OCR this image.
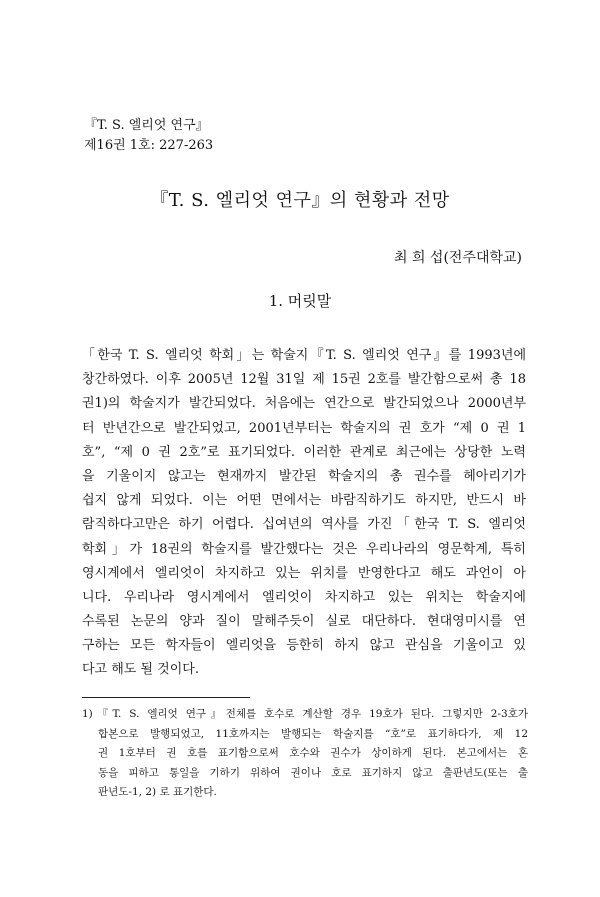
『T. S. 엘리엇 연구』
제16권 1호: 227-263
『T. S. 엘리엇 연구』의 현황과 전망
최 희 섭(전주대학교)
1. 머릿말
「한국 T. S. 엘리엇 학회」는 학술지『T. S. 엘리엇 연구』를 1993년에
창간하였다. 이후 2005년 12월 31일 제 15권 2호를 발간함으로써 총 18
권1)의 학술지가 발간되었다. 처음에는 연간으로 발간되었으나 2000년부
터 반년간으로 발간되었고, 2001년부터는 학술지의 권 호가 “제 0 권 1
호”, “제 0 권 2호”로 표기되었다. 이러한 관계로 최근에는 상당한 노력
을 기울이지 않고는 현재까지 발간된 학술지의 총 권수를 헤아리기가
쉽지 않게 되었다. 이는 어떤 면에서는 바람직하기도 하지만, 반드시 바
람직하다고만은 하기 어렵다. 십여년의 역사를 가진「한국 T. S. 엘리엇
학회」가 18권의 학술지를 발간했다는 것은 우리나라의 영문학계, 특히
영시계에서 엘리엇이 차지하고 있는 위치를 반영한다고 해도 과언이 아
니다. 우리나라 영시계에서 엘리엇이 차지하고 있는 위치는 학술지에
수록된 논문의 양과 질이 말해주듯이 실로 대단하다. 현대영미시를 연
구하는 모든 학자들이 엘리엇을 등한히 하지 않고 관심을 기울이고 있
다고 해도 될 것이다.
1)『T. S. 엘리엇 연구』전체를 호수로 계산할 경우 19호가 된다. 그렇지만 2-3호가
합본으로 발행되었고, 11호까지는 발행되는 학술지를 “호”로 표기하다가, 제 12
권 1호부터 권 호를 표기함으로써 호수와 권수가 상이하게 된다. 본고에서는 혼
동을 피하고 통일을 기하기 위하여 권이나 호로 표기하지 않고 출판년도(또는 출
판년도-1, 2) 로 표기한다.
